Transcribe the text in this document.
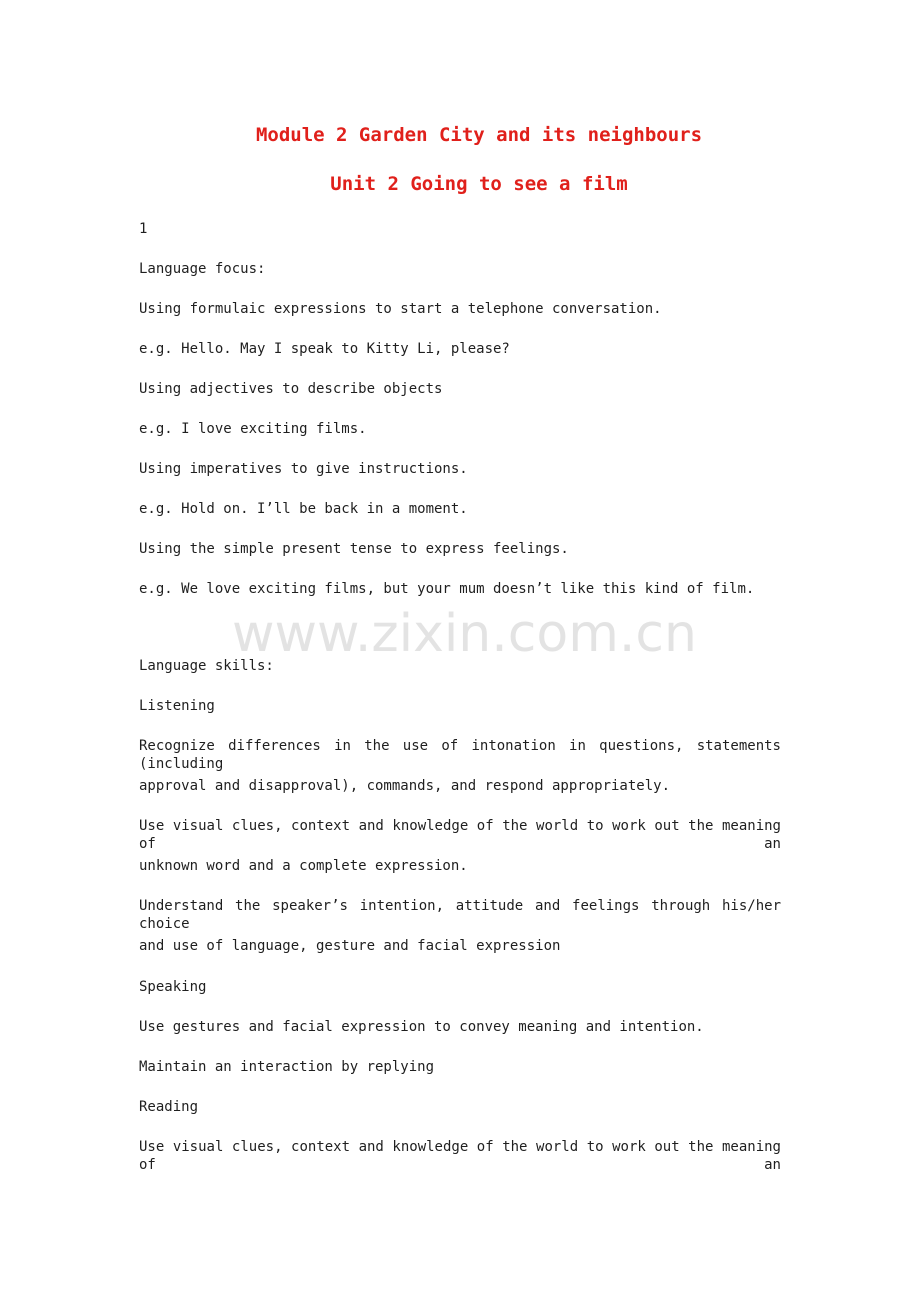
Module 2 Garden City and its neighbours
Unit 2 Going to see a film

1

Language focus:

Using formulaic expressions to start a telephone conversation.

e.g. Hello. May I speak to Kitty Li, please?

Using adjectives to describe objects

e.g. I love exciting films.

Using imperatives to give instructions.

e.g. Hold on. I’ll be back in a moment.

Using the simple present tense to express feelings.

e.g. We love exciting films, but your mum doesn’t like this kind of film.

www.zixin.com.cn

Language skills:

Listening

Recognize differences in the use of intonation in questions, statements (including

approval and disapproval), commands, and respond appropriately.

Use visual clues, context and knowledge of the world to work out the meaning of an

unknown word and a complete expression.

Understand the speaker’s intention, attitude and feelings through his/her choice

and use of language, gesture and facial expression

Speaking

Use gestures and facial expression to convey meaning and intention.

Maintain an interaction by replying

Reading

Use visual clues, context and knowledge of the world to work out the meaning of an
